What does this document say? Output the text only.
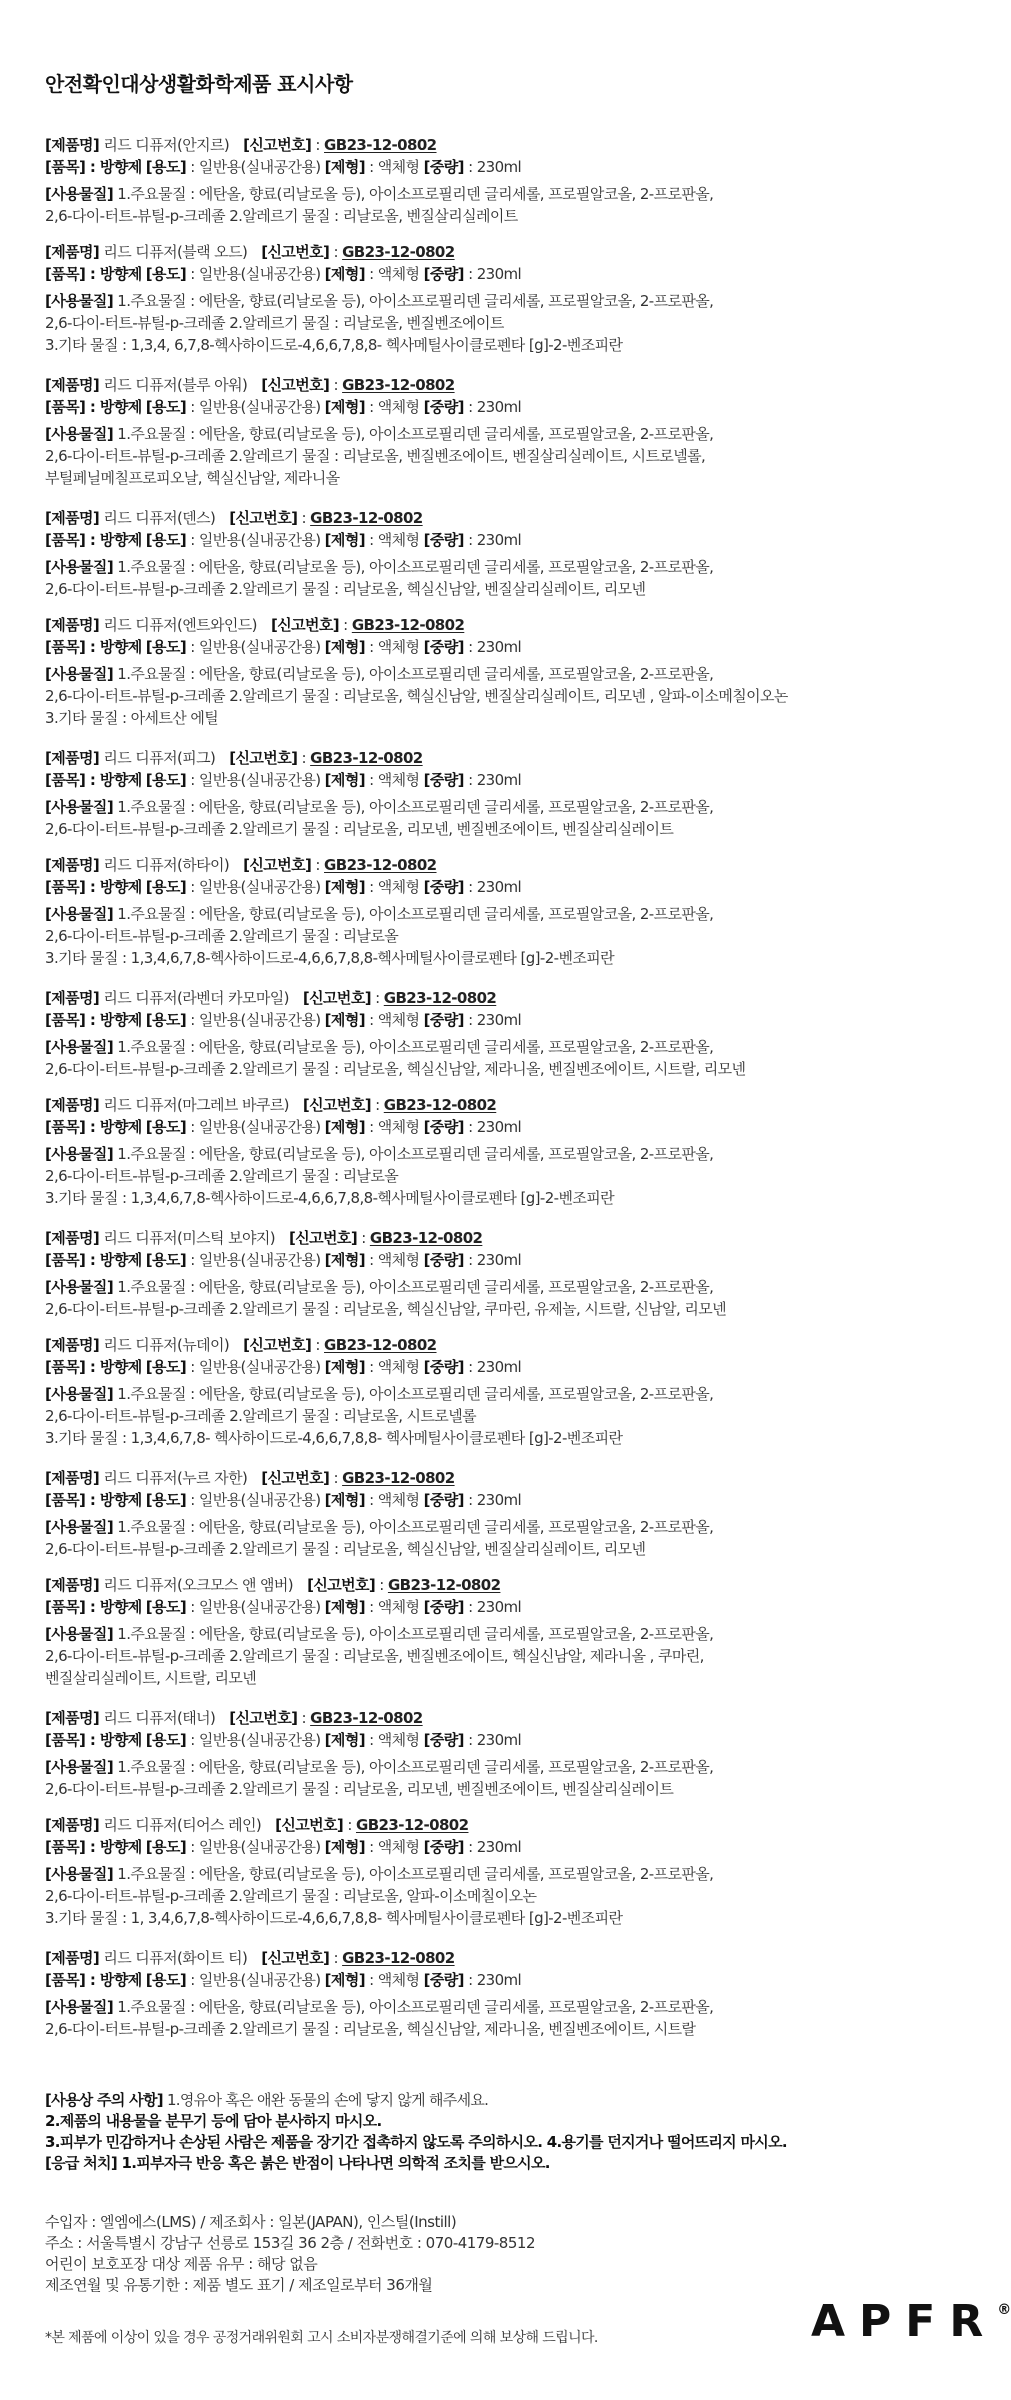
안전확인대상생활화학제품 표시사항
[제품명] 리드 디퓨저(안지르) [신고번호] : GB23-12-0802
[품목] : 방향제 [용도] : 일반용(실내공간용) [제형] : 액체형 [중량] : 230ml
[사용물질] 1.주요물질 : 에탄올, 향료(리날로올 등), 아이소프로필리덴 글리세롤, 프로필알코올, 2-프로판올,
2,6-다이-터트-뷰틸-p-크레졸 2.알레르기 물질 : 리날로올, 벤질살리실레이트
[제품명] 리드 디퓨저(블랙 오드) [신고번호] : GB23-12-0802
[품목] : 방향제 [용도] : 일반용(실내공간용) [제형] : 액체형 [중량] : 230ml
[사용물질] 1.주요물질 : 에탄올, 향료(리날로올 등), 아이소프로필리덴 글리세롤, 프로필알코올, 2-프로판올,
2,6-다이-터트-뷰틸-p-크레졸 2.알레르기 물질 : 리날로올, 벤질벤조에이트
3.기타 물질 : 1,3,4, 6,7,8-헥사하이드로-4,6,6,7,8,8- 헥사메틸사이클로펜타 [g]-2-벤조피란
[제품명] 리드 디퓨저(블루 아워) [신고번호] : GB23-12-0802
[품목] : 방향제 [용도] : 일반용(실내공간용) [제형] : 액체형 [중량] : 230ml
[사용물질] 1.주요물질 : 에탄올, 향료(리날로올 등), 아이소프로필리덴 글리세롤, 프로필알코올, 2-프로판올,
2,6-다이-터트-뷰틸-p-크레졸 2.알레르기 물질 : 리날로올, 벤질벤조에이트, 벤질살리실레이트, 시트로넬롤,
부틸페닐메칠프로피오날, 헥실신남알, 제라니올
[제품명] 리드 디퓨저(덴스) [신고번호] : GB23-12-0802
[품목] : 방향제 [용도] : 일반용(실내공간용) [제형] : 액체형 [중량] : 230ml
[사용물질] 1.주요물질 : 에탄올, 향료(리날로올 등), 아이소프로필리덴 글리세롤, 프로필알코올, 2-프로판올,
2,6-다이-터트-뷰틸-p-크레졸 2.알레르기 물질 : 리날로올, 헥실신남알, 벤질살리실레이트, 리모넨
[제품명] 리드 디퓨저(엔트와인드) [신고번호] : GB23-12-0802
[품목] : 방향제 [용도] : 일반용(실내공간용) [제형] : 액체형 [중량] : 230ml
[사용물질] 1.주요물질 : 에탄올, 향료(리날로올 등), 아이소프로필리덴 글리세롤, 프로필알코올, 2-프로판올,
2,6-다이-터트-뷰틸-p-크레졸 2.알레르기 물질 : 리날로올, 헥실신남알, 벤질살리실레이트, 리모넨 , 알파-이소메칠이오논
3.기타 물질 : 아세트산 에틸
[제품명] 리드 디퓨저(피그) [신고번호] : GB23-12-0802
[품목] : 방향제 [용도] : 일반용(실내공간용) [제형] : 액체형 [중량] : 230ml
[사용물질] 1.주요물질 : 에탄올, 향료(리날로올 등), 아이소프로필리덴 글리세롤, 프로필알코올, 2-프로판올,
2,6-다이-터트-뷰틸-p-크레졸 2.알레르기 물질 : 리날로올, 리모넨, 벤질벤조에이트, 벤질살리실레이트
[제품명] 리드 디퓨저(하타이) [신고번호] : GB23-12-0802
[품목] : 방향제 [용도] : 일반용(실내공간용) [제형] : 액체형 [중량] : 230ml
[사용물질] 1.주요물질 : 에탄올, 향료(리날로올 등), 아이소프로필리덴 글리세롤, 프로필알코올, 2-프로판올,
2,6-다이-터트-뷰틸-p-크레졸 2.알레르기 물질 : 리날로올
3.기타 물질 : 1,3,4,6,7,8-헥사하이드로-4,6,6,7,8,8-헥사메틸사이클로펜타 [g]-2-벤조피란
[제품명] 리드 디퓨저(라벤더 카모마일) [신고번호] : GB23-12-0802
[품목] : 방향제 [용도] : 일반용(실내공간용) [제형] : 액체형 [중량] : 230ml
[사용물질] 1.주요물질 : 에탄올, 향료(리날로올 등), 아이소프로필리덴 글리세롤, 프로필알코올, 2-프로판올,
2,6-다이-터트-뷰틸-p-크레졸 2.알레르기 물질 : 리날로올, 헥실신남알, 제라니올, 벤질벤조에이트, 시트랄, 리모넨
[제품명] 리드 디퓨저(마그레브 바쿠르) [신고번호] : GB23-12-0802
[품목] : 방향제 [용도] : 일반용(실내공간용) [제형] : 액체형 [중량] : 230ml
[사용물질] 1.주요물질 : 에탄올, 향료(리날로올 등), 아이소프로필리덴 글리세롤, 프로필알코올, 2-프로판올,
2,6-다이-터트-뷰틸-p-크레졸 2.알레르기 물질 : 리날로올
3.기타 물질 : 1,3,4,6,7,8-헥사하이드로-4,6,6,7,8,8-헥사메틸사이클로펜타 [g]-2-벤조피란
[제품명] 리드 디퓨저(미스틱 보야지) [신고번호] : GB23-12-0802
[품목] : 방향제 [용도] : 일반용(실내공간용) [제형] : 액체형 [중량] : 230ml
[사용물질] 1.주요물질 : 에탄올, 향료(리날로올 등), 아이소프로필리덴 글리세롤, 프로필알코올, 2-프로판올,
2,6-다이-터트-뷰틸-p-크레졸 2.알레르기 물질 : 리날로올, 헥실신남알, 쿠마린, 유제놀, 시트랄, 신남알, 리모넨
[제품명] 리드 디퓨저(뉴데이) [신고번호] : GB23-12-0802
[품목] : 방향제 [용도] : 일반용(실내공간용) [제형] : 액체형 [중량] : 230ml
[사용물질] 1.주요물질 : 에탄올, 향료(리날로올 등), 아이소프로필리덴 글리세롤, 프로필알코올, 2-프로판올,
2,6-다이-터트-뷰틸-p-크레졸 2.알레르기 물질 : 리날로올, 시트로넬롤
3.기타 물질 : 1,3,4,6,7,8- 헥사하이드로-4,6,6,7,8,8- 헥사메틸사이클로펜타 [g]-2-벤조피란
[제품명] 리드 디퓨저(누르 자한) [신고번호] : GB23-12-0802
[품목] : 방향제 [용도] : 일반용(실내공간용) [제형] : 액체형 [중량] : 230ml
[사용물질] 1.주요물질 : 에탄올, 향료(리날로올 등), 아이소프로필리덴 글리세롤, 프로필알코올, 2-프로판올,
2,6-다이-터트-뷰틸-p-크레졸 2.알레르기 물질 : 리날로올, 헥실신남알, 벤질살리실레이트, 리모넨
[제품명] 리드 디퓨저(오크모스 앤 앰버) [신고번호] : GB23-12-0802
[품목] : 방향제 [용도] : 일반용(실내공간용) [제형] : 액체형 [중량] : 230ml
[사용물질] 1.주요물질 : 에탄올, 향료(리날로올 등), 아이소프로필리덴 글리세롤, 프로필알코올, 2-프로판올,
2,6-다이-터트-뷰틸-p-크레졸 2.알레르기 물질 : 리날로올, 벤질벤조에이트, 헥실신남알, 제라니올 , 쿠마린,
벤질살리실레이트, 시트랄, 리모넨
[제품명] 리드 디퓨저(태너) [신고번호] : GB23-12-0802
[품목] : 방향제 [용도] : 일반용(실내공간용) [제형] : 액체형 [중량] : 230ml
[사용물질] 1.주요물질 : 에탄올, 향료(리날로올 등), 아이소프로필리덴 글리세롤, 프로필알코올, 2-프로판올,
2,6-다이-터트-뷰틸-p-크레졸 2.알레르기 물질 : 리날로올, 리모넨, 벤질벤조에이트, 벤질살리실레이트
[제품명] 리드 디퓨저(티어스 레인) [신고번호] : GB23-12-0802
[품목] : 방향제 [용도] : 일반용(실내공간용) [제형] : 액체형 [중량] : 230ml
[사용물질] 1.주요물질 : 에탄올, 향료(리날로올 등), 아이소프로필리덴 글리세롤, 프로필알코올, 2-프로판올,
2,6-다이-터트-뷰틸-p-크레졸 2.알레르기 물질 : 리날로올, 알파-이소메칠이오논
3.기타 물질 : 1, 3,4,6,7,8-헥사하이드로-4,6,6,7,8,8- 헥사메틸사이클로펜타 [g]-2-벤조피란
[제품명] 리드 디퓨저(화이트 티) [신고번호] : GB23-12-0802
[품목] : 방향제 [용도] : 일반용(실내공간용) [제형] : 액체형 [중량] : 230ml
[사용물질] 1.주요물질 : 에탄올, 향료(리날로올 등), 아이소프로필리덴 글리세롤, 프로필알코올, 2-프로판올,
2,6-다이-터트-뷰틸-p-크레졸 2.알레르기 물질 : 리날로올, 헥실신남알, 제라니올, 벤질벤조에이트, 시트랄
[사용상 주의 사항] 1.영유아 혹은 애완 동물의 손에 닿지 않게 해주세요.
2.제품의 내용물을 분무기 등에 담아 분사하지 마시오.
3.피부가 민감하거나 손상된 사람은 제품을 장기간 접촉하지 않도록 주의하시오. 4.용기를 던지거나 떨어뜨리지 마시오.
[응급 처치] 1.피부자극 반응 혹은 붉은 반점이 나타나면 의학적 조치를 받으시오.
수입자 : 엘엠에스(LMS) / 제조회사 : 일본(JAPAN), 인스틸(Instill)
주소 : 서울특별시 강남구 선릉로 153길 36 2층 / 전화번호 : 070-4179-8512
어린이 보호포장 대상 제품 유무 : 해당 없음
제조연월 및 유통기한 : 제품 별도 표기 / 제조일로부터 36개월
*본 제품에 이상이 있을 경우 공정거래위원회 고시 소비자분쟁해결기준에 의해 보상해 드립니다.	APFR®
